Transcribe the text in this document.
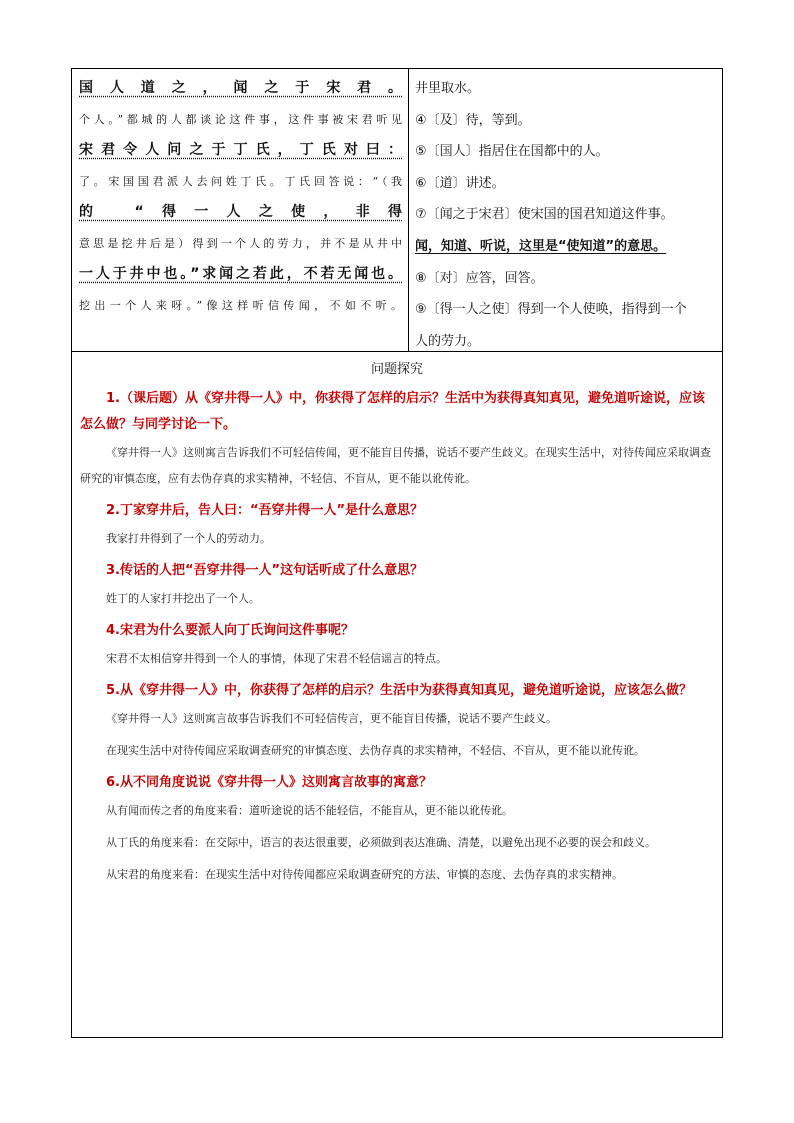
国人道之，闻之于宋君。
个人。”都城的人都谈论这件事，这件事被宋君听见
宋君令人问之于丁氏，丁氏对曰：
了。宋国国君派人去问姓丁氏。丁氏回答说：“（我
的 “得一人之使，非得
意思是挖井后是）得到一个人的劳力，并不是从井中
一人于井中也。”求闻之若此，不若无闻也。
挖出一个人来呀。”像这样听信传闻，不如不听。
井里取水。
④〔及〕待，等到。
⑤〔国人〕指居住在国都中的人。
⑥〔道〕讲述。
⑦〔闻之于宋君〕使宋国的国君知道这件事。
闻，知道、听说，这里是“使知道”的意思。
⑧〔对〕应答，回答。
⑨〔得一人之使〕得到一个人使唤，指得到一个
人的劳力。
问题探究
1.（课后题）从《穿井得一人》中，你获得了怎样的启示？生活中为获得真知真见，避免道听途说，应该怎么做？与同学讨论一下。
《穿井得一人》这则寓言告诉我们不可轻信传闻，更不能盲目传播，说话不要产生歧义。在现实生活中，对待传闻应采取调查研究的审慎态度，应有去伪存真的求实精神，不轻信、不盲从，更不能以讹传讹。
2.丁家穿井后，告人曰：“吾穿井得一人”是什么意思？
我家打井得到了一个人的劳动力。
3.传话的人把“吾穿井得一人”这句话听成了什么意思？
姓丁的人家打井挖出了一个人。
4.宋君为什么要派人向丁氏询问这件事呢？
宋君不太相信穿井得到一个人的事情，体现了宋君不轻信谣言的特点。
5.从《穿井得一人》中，你获得了怎样的启示？生活中为获得真知真见，避免道听途说，应该怎么做？
《穿井得一人》这则寓言故事告诉我们不可轻信传言，更不能盲目传播，说话不要产生歧义。
在现实生活中对待传闻应采取调查研究的审慎态度、去伪存真的求实精神，不轻信、不盲从，更不能以讹传讹。
6.从不同角度说说《穿井得一人》这则寓言故事的寓意？
从有闻而传之者的角度来看：道听途说的话不能轻信，不能盲从，更不能以讹传讹。
从丁氏的角度来看：在交际中，语言的表达很重要，必须做到表达准确、清楚，以避免出现不必要的误会和歧义。
从宋君的角度来看：在现实生活中对待传闻都应采取调查研究的方法、审慎的态度、去伪存真的求实精神。
